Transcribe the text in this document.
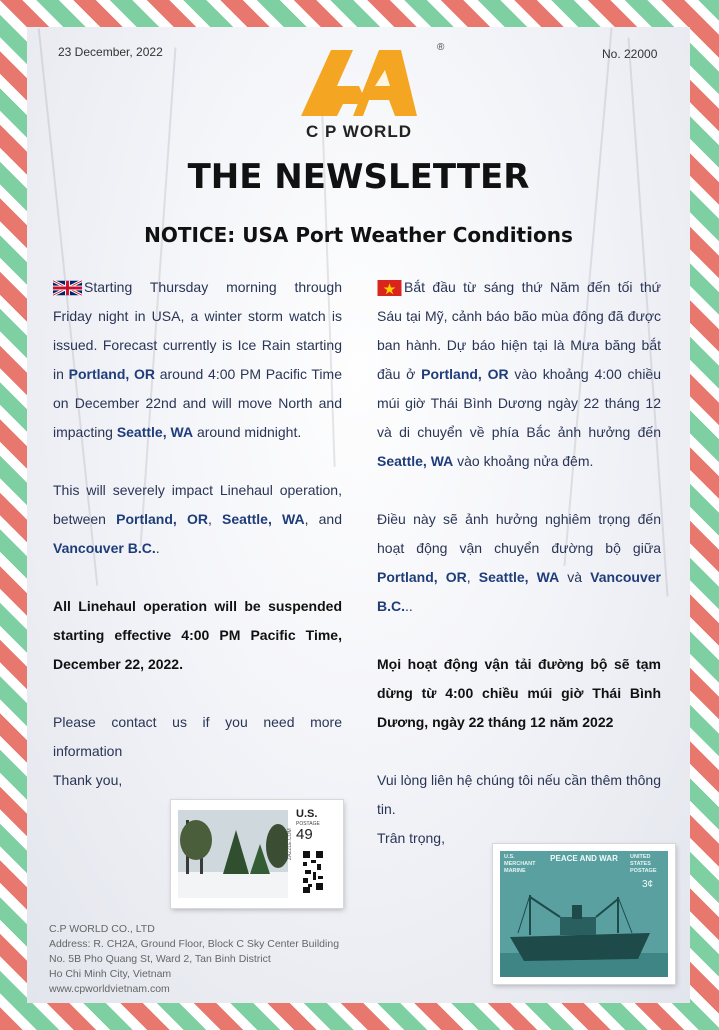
23 December, 2022	No. 22000
C P WORLD
®
THE NEWSLETTER
NOTICE: USA Port Weather Conditions

Starting Thursday morning through Friday night in USA, a winter storm watch is issued. Forecast currently is Ice Rain starting in Portland, OR around 4:00 PM Pacific Time on December 22nd and will move North and impacting Seattle, WA around midnight.

This will severely impact Linehaul operation, between Portland, OR, Seattle, WA, and Vancouver B.C..

All Linehaul operation will be suspended starting effective 4:00 PM Pacific Time, December 22, 2022.

Please contact us if you need more information

Thank you,

Bắt đầu từ sáng thứ Năm đến tối thứ Sáu tại Mỹ, cảnh báo bão mùa đông đã được ban hành. Dự báo hiện tại là Mưa băng bắt đầu ở Portland, OR vào khoảng 4:00 chiều múi giờ Thái Bình Dương ngày 22 tháng 12 và di chuyển về phía Bắc ảnh hưởng đến Seattle, WA vào khoảng nửa đêm.

Điều này sẽ ảnh hưởng nghiêm trọng đến hoạt động vận chuyển đường bộ giữa Portland, OR, Seattle, WA và Vancouver B.C...

Mọi hoạt động vận tải đường bộ sẽ tạm dừng từ 4:00 chiều múi giờ Thái Bình Dương, ngày 22 tháng 12 năm 2022

Vui lòng liên hệ chúng tôi nếu cần thêm thông tin.

Trân trọng,

U.S.
POSTAGE
49
ZAZZLE.COM	U.S. MERCHANT MARINE
PEACE AND WAR	UNITED STATES POSTAGE
3¢
C.P WORLD CO., LTD
Address: R. CH2A, Ground Floor, Block C Sky Center Building
No. 5B Pho Quang St, Ward 2, Tan Binh District
Ho Chi Minh City, Vietnam
www.cpworldvietnam.com
